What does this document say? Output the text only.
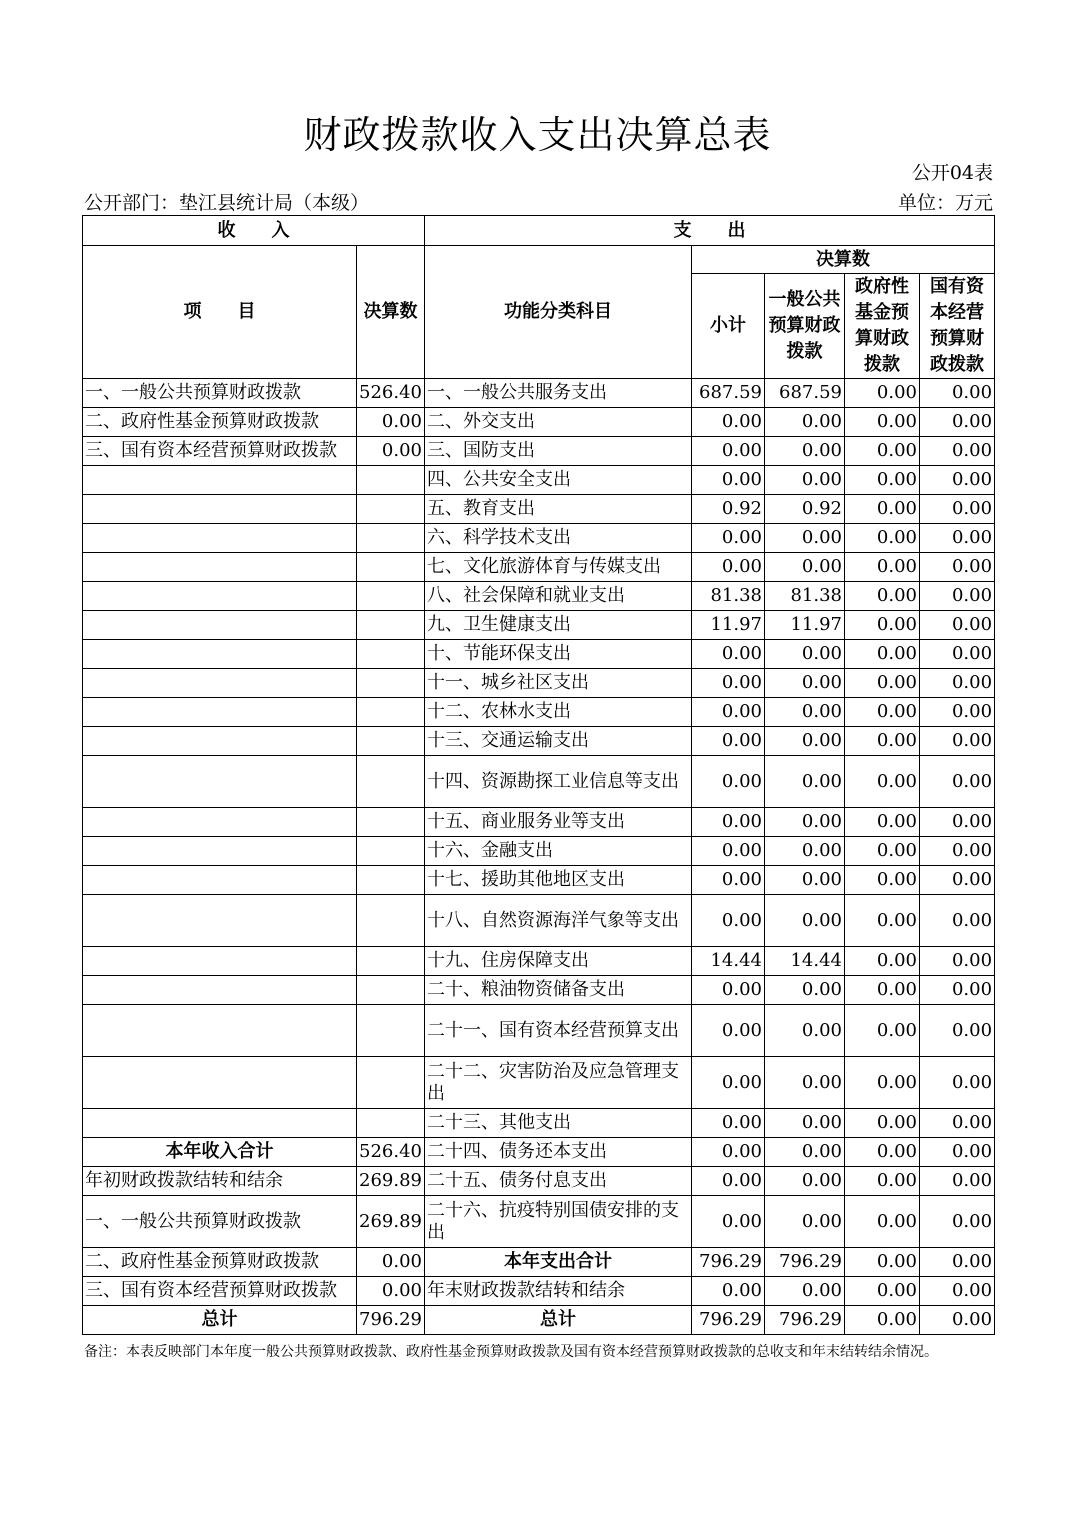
财政拨款收入支出决算总表
公开04表
公开部门：垫江县统计局（本级）	单位：万元
收　　入		支　　出				
项　　目	决算数	功能分类科目	决算数			
			小计	一般公共预算财政拨款	政府性基金预算财政拨款	国有资本经营预算财政拨款
一、一般公共预算财政拨款	526.40	一、一般公共服务支出	687.59	687.59	0.00	0.00
二、政府性基金预算财政拨款	0.00	二、外交支出	0.00	0.00	0.00	0.00
三、国有资本经营预算财政拨款	0.00	三、国防支出	0.00	0.00	0.00	0.00
		四、公共安全支出	0.00	0.00	0.00	0.00
		五、教育支出	0.92	0.92	0.00	0.00
		六、科学技术支出	0.00	0.00	0.00	0.00
		七、文化旅游体育与传媒支出	0.00	0.00	0.00	0.00
		八、社会保障和就业支出	81.38	81.38	0.00	0.00
		九、卫生健康支出	11.97	11.97	0.00	0.00
		十、节能环保支出	0.00	0.00	0.00	0.00
		十一、城乡社区支出	0.00	0.00	0.00	0.00
		十二、农林水支出	0.00	0.00	0.00	0.00
		十三、交通运输支出	0.00	0.00	0.00	0.00
		十四、资源勘探工业信息等支出	0.00	0.00	0.00	0.00
		十五、商业服务业等支出	0.00	0.00	0.00	0.00
		十六、金融支出	0.00	0.00	0.00	0.00
		十七、援助其他地区支出	0.00	0.00	0.00	0.00
		十八、自然资源海洋气象等支出	0.00	0.00	0.00	0.00
		十九、住房保障支出	14.44	14.44	0.00	0.00
		二十、粮油物资储备支出	0.00	0.00	0.00	0.00
		二十一、国有资本经营预算支出	0.00	0.00	0.00	0.00
		二十二、灾害防治及应急管理支出	0.00	0.00	0.00	0.00
		二十三、其他支出	0.00	0.00	0.00	0.00
本年收入合计	526.40	二十四、债务还本支出	0.00	0.00	0.00	0.00
年初财政拨款结转和结余	269.89	二十五、债务付息支出	0.00	0.00	0.00	0.00
一、一般公共预算财政拨款	269.89	二十六、抗疫特别国债安排的支出	0.00	0.00	0.00	0.00
二、政府性基金预算财政拨款	0.00	本年支出合计	796.29	796.29	0.00	0.00
三、国有资本经营预算财政拨款	0.00	年末财政拨款结转和结余	0.00	0.00	0.00	0.00
总计	796.29	总计	796.29	796.29	0.00	0.00
备注：本表反映部门本年度一般公共预算财政拨款、政府性基金预算财政拨款及国有资本经营预算财政拨款的总收支和年末结转结余情况。
